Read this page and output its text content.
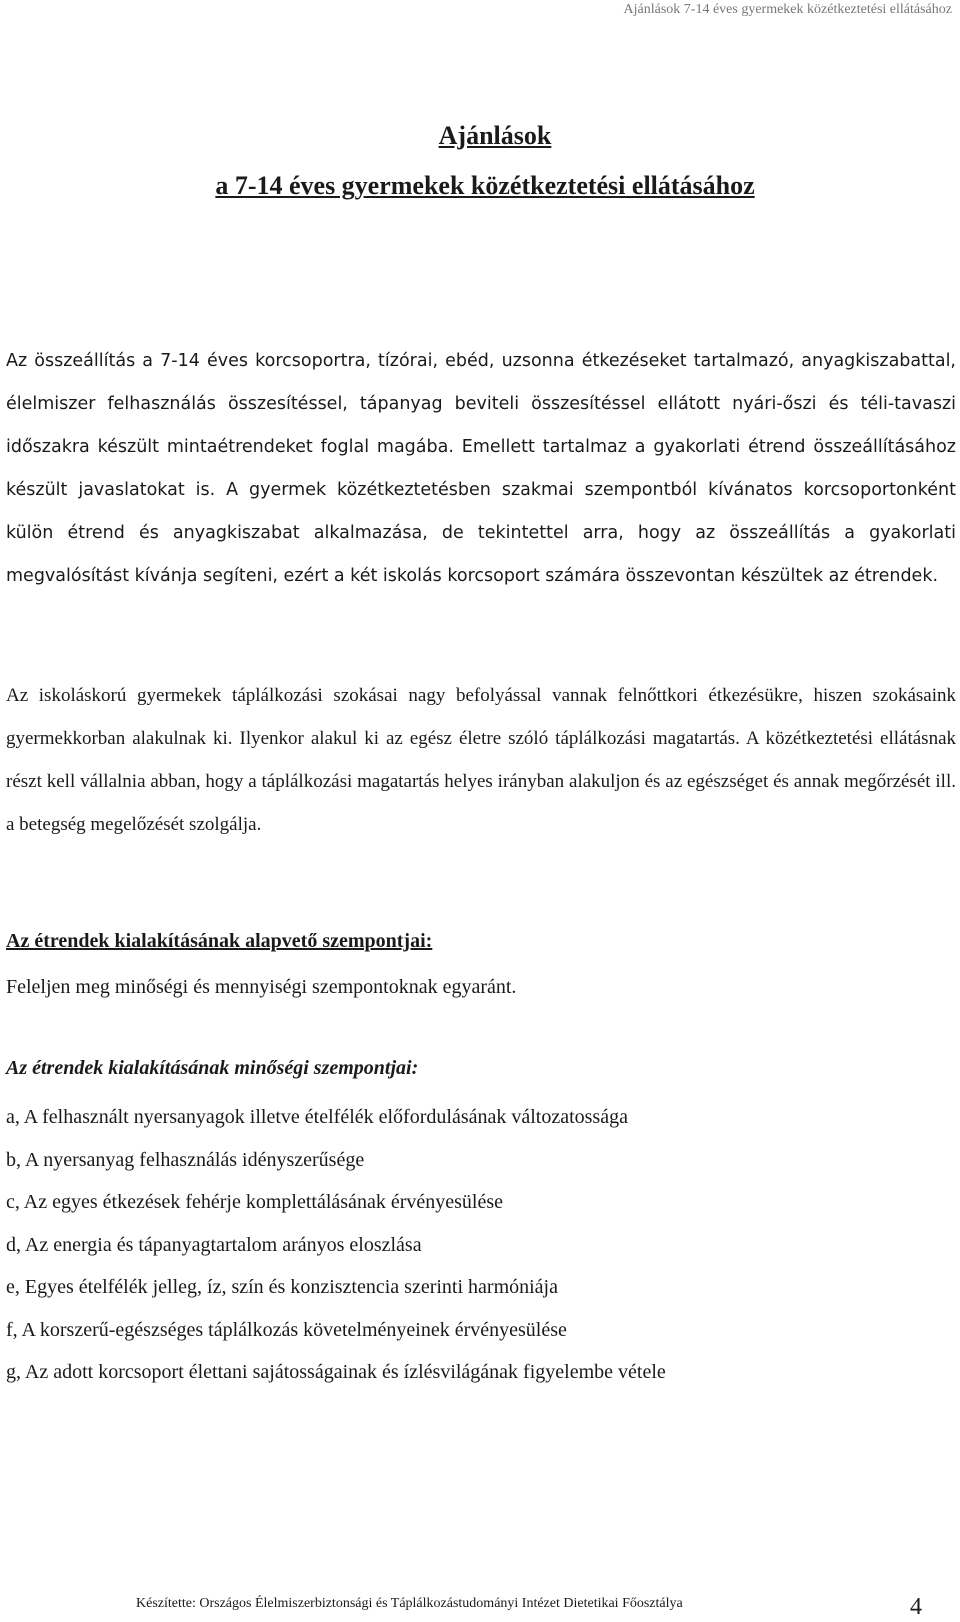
Ajánlások 7-14 éves gyermekek közétkeztetési ellátásához
Ajánlások
a 7-14 éves gyermekek közétkeztetési ellátásához

Az összeállítás a 7-14 éves korcsoportra, tízórai, ebéd, uzsonna étkezéseket tartalmazó, anyagkiszabattal, élelmiszer felhasználás összesítéssel, tápanyag beviteli összesítéssel ellátott nyári-őszi és téli-tavaszi időszakra készült mintaétrendeket foglal magába. Emellett tartalmaz a gyakorlati étrend összeállításához készült javaslatokat is. A gyermek közétkeztetésben szakmai szempontból kívánatos korcsoportonként külön étrend és anyagkiszabat alkalmazása, de tekintettel arra, hogy az összeállítás a gyakorlati megvalósítást kívánja segíteni, ezért a két iskolás korcsoport számára összevontan készültek az étrendek.

Az iskoláskorú gyermekek táplálkozási szokásai nagy befolyással vannak felnőttkori étkezésükre, hiszen szokásaink gyermekkorban alakulnak ki. Ilyenkor alakul ki az egész életre szóló táplálkozási magatartás. A közétkeztetési ellátásnak részt kell vállalnia abban, hogy a táplálkozási magatartás helyes irányban alakuljon és az egészséget és annak megőrzését ill. a betegség megelőzését szolgálja.

Az étrendek kialakításának alapvető szempontjai:

Feleljen meg minőségi és mennyiségi szempontoknak egyaránt.

Az étrendek kialakításának minőségi szempontjai:
a, A felhasznált nyersanyagok illetve ételfélék előfordulásának változatossága
b, A nyersanyag felhasználás idényszerűsége
c, Az egyes étkezések fehérje komplettálásának érvényesülése
d, Az energia és tápanyagtartalom arányos eloszlása
e, Egyes ételfélék jelleg, íz, szín és konzisztencia szerinti harmóniája
f, A korszerű-egészséges táplálkozás követelményeinek érvényesülése
g, Az adott korcsoport élettani sajátosságainak és ízlésvilágának figyelembe vétele
Készítette: Országos Élelmiszerbiztonsági és Táplálkozástudományi Intézet Dietetikai Főosztálya	4
